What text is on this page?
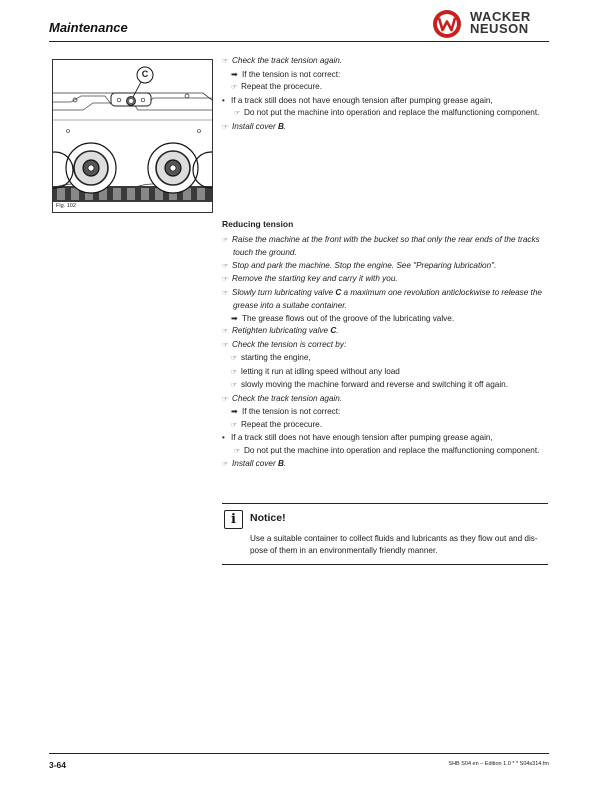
Maintenance
WACKER
NEUSON
C
Fig. 102
☞ Check the track tension again.
➡ If the tension is not correct:
☞ Repeat the procecure.
• If a track still does not have enough tension after pumping grease again,
☞ Do not put the machine into operation and replace the malfunctioning component.
☞ Install cover B.
Reducing tension
☞ Raise the machine at the front with the bucket so that only the rear ends of the tracks
touch the ground.
☞ Stop and park the machine. Stop the engine. See "Preparing lubrication".
☞ Remove the starting key and carry it with you.
☞ Slowly turn lubricating valve C a maximum one revolution anticlockwise to release the
grease into a suitabe container.
➡ The grease flows out of the groove of the lubricating valve.
☞ Retighten lubricating valve C.
☞ Check the tension is correct by:
☞ starting the engine,
☞ letting it run at idling speed without any load
☞ slowly moving the machine forward and reverse and switching it off again.
☞ Check the track tension again.
➡ If the tension is not correct:
☞ Repeat the procecure.
• If a track still does not have enough tension after pumping grease again,
☞ Do not put the machine into operation and replace the malfunctioning component.
☞ Install cover B.
i	Notice!
Use a suitable container to collect fluids and lubricants as they flow out and dis-pose of them in an environmentally friendly manner.
3-64	SHB S04 en – Edition 1.0 * * S04s314.fm
